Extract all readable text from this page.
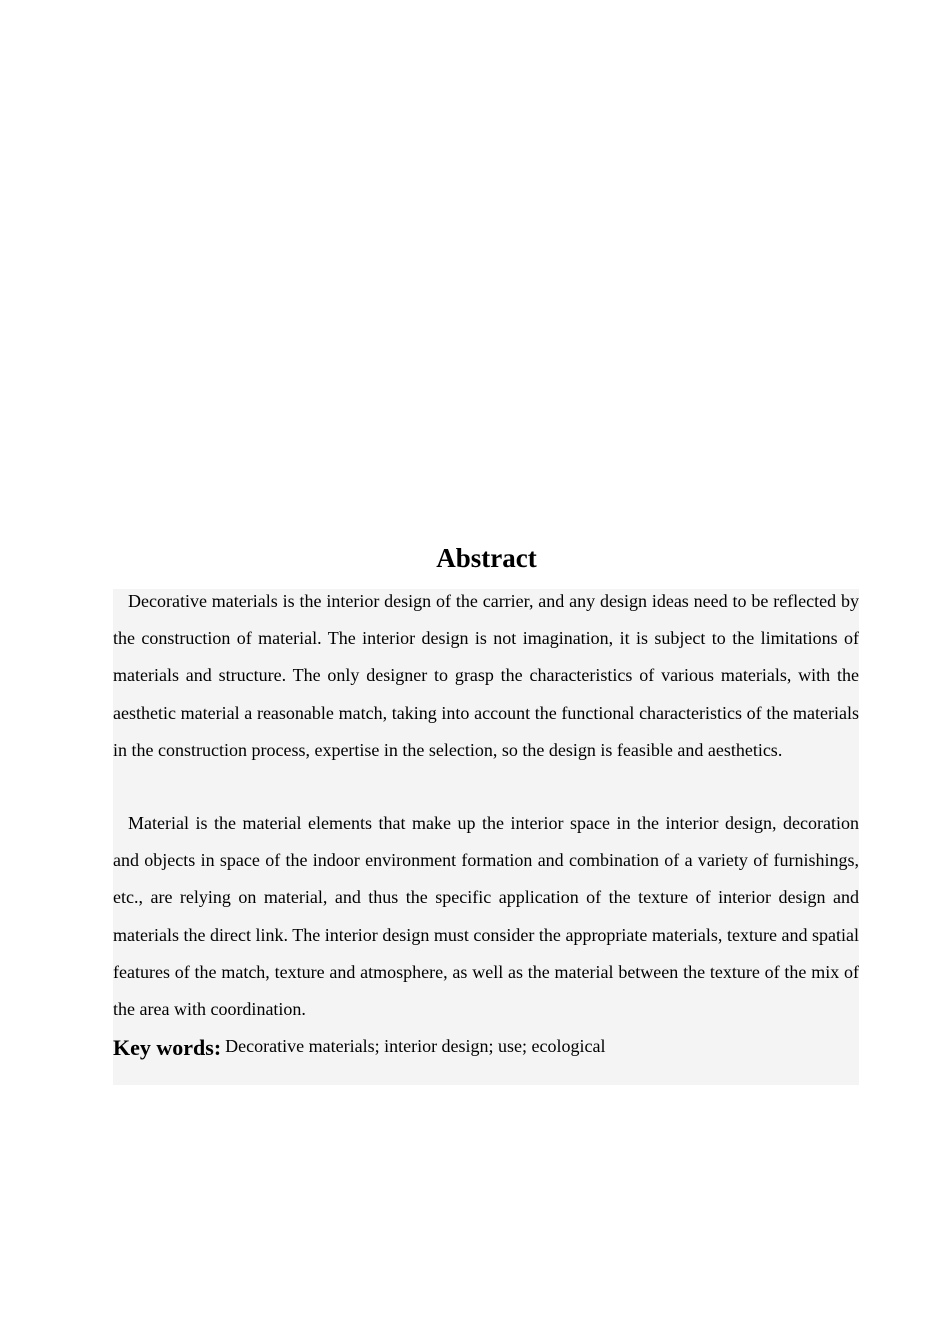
Abstract

Decorative materials is the interior design of the carrier, and any design ideas need to be reflected by the construction of material. The interior design is not imagination, it is subject to the limitations of materials and structure. The only designer to grasp the characteristics of various materials, with the aesthetic material a reasonable match, taking into account the functional characteristics of the materials in the construction process, expertise in the selection, so the design is feasible and aesthetics.

Material is the material elements that make up the interior space in the interior design, decoration and objects in space of the indoor environment formation and combination of a variety of furnishings, etc., are relying on material, and thus the specific application of the texture of interior design and materials the direct link. The interior design must consider the appropriate materials, texture and spatial features of the match, texture and atmosphere, as well as the material between the texture of the mix of the area with coordination.

Key words: Decorative materials; interior design; use; ecological
